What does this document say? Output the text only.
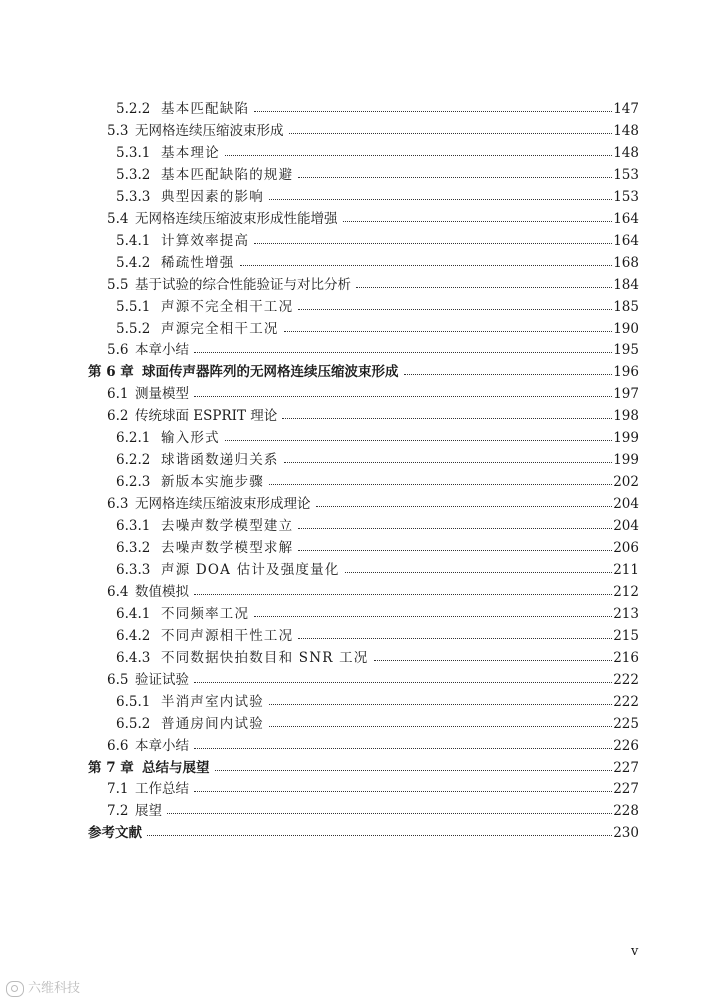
5.2.2 基本匹配缺陷	147
5.3 无网格连续压缩波束形成	148
5.3.1 基本理论	148
5.3.2 基本匹配缺陷的规避	153
5.3.3 典型因素的影响	153
5.4 无网格连续压缩波束形成性能增强	164
5.4.1 计算效率提高	164
5.4.2 稀疏性增强	168
5.5 基于试验的综合性能验证与对比分析	184
5.5.1 声源不完全相干工况	185
5.5.2 声源完全相干工况	190
5.6 本章小结	195
第 6 章 球面传声器阵列的无网格连续压缩波束形成	196
6.1 测量模型	197
6.2 传统球面 ESPRIT 理论	198
6.2.1 输入形式	199
6.2.2 球谐函数递归关系	199
6.2.3 新版本实施步骤	202
6.3 无网格连续压缩波束形成理论	204
6.3.1 去噪声数学模型建立	204
6.3.2 去噪声数学模型求解	206
6.3.3 声源 DOA 估计及强度量化	211
6.4 数值模拟	212
6.4.1 不同频率工况	213
6.4.2 不同声源相干性工况	215
6.4.3 不同数据快拍数目和 SNR 工况	216
6.5 验证试验	222
6.5.1 半消声室内试验	222
6.5.2 普通房间内试验	225
6.6 本章小结	226
第 7 章 总结与展望	227
7.1 工作总结	227
7.2 展望	228
参考文献	230
v
六维科技
